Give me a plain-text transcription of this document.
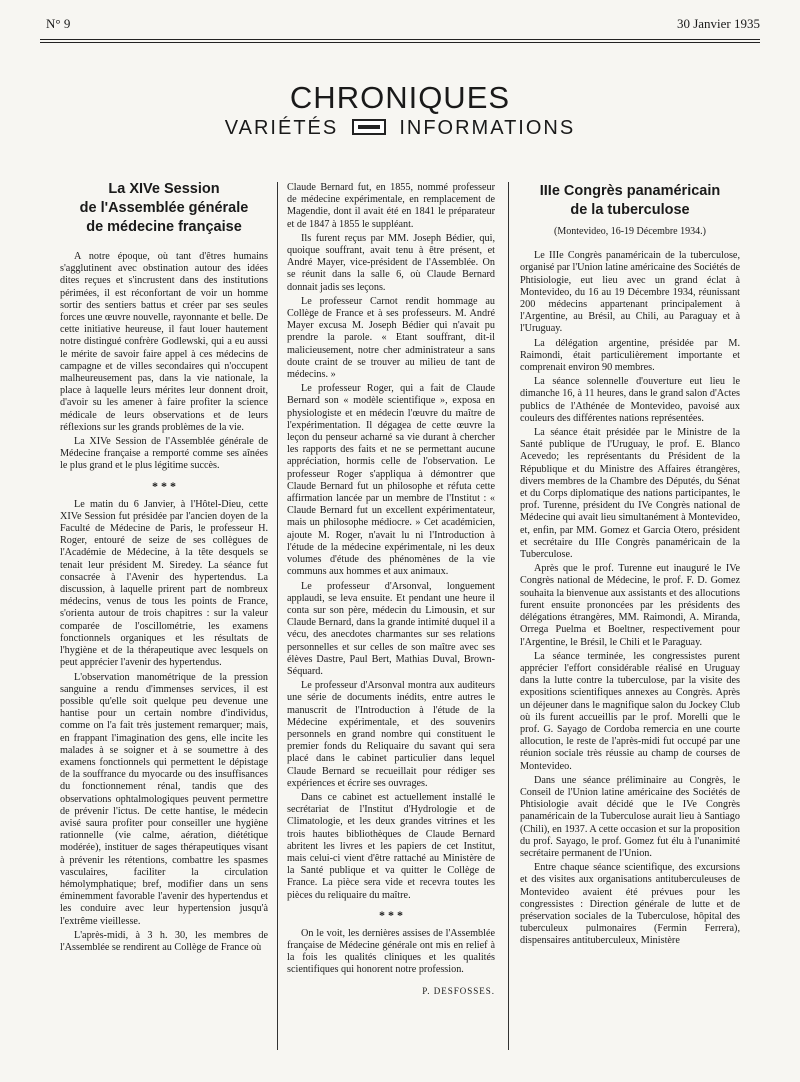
N° 9	30 Janvier 1935
CHRONIQUES
VARIÉTÉS	INFORMATIONS
La XIVe Session
de l'Assemblée générale
de médecine française

A notre époque, où tant d'êtres humains s'agglutinent avec obstination autour des idées dites reçues et s'incrustent dans des institutions périmées, il est réconfortant de voir un homme sortir des sentiers battus et créer par ses seules forces une œuvre nouvelle, rayonnante et belle. De cette initiative heureuse, il faut louer hautement notre distingué confrère Godlewski, qui a eu aussi le mérite de savoir faire appel à ces médecins de campagne et de villes secondaires qui n'occupent malheureusement pas, dans la vie nationale, la place à laquelle leurs mérites leur donnent droit, d'avoir su les amener à faire profiter la science médicale de leurs observations et de leurs réflexions sur les grands problèmes de la vie.

La XIVe Session de l'Assemblée générale de Médecine française a remporté comme ses aînées le plus grand et le plus légitime succès.

* * *

Le matin du 6 Janvier, à l'Hôtel-Dieu, cette XIVe Session fut présidée par l'ancien doyen de la Faculté de Médecine de Paris, le professeur H. Roger, entouré de seize de ses collègues de l'Académie de Médecine, à la tête desquels se tenait leur président M. Siredey. La séance fut consacrée à l'Avenir des hypertendus. La discussion, à laquelle prirent part de nombreux médecins, venus de tous les points de France, s'orienta autour de trois chapitres : sur la valeur comparée de l'oscillométrie, les examens fonctionnels organiques et les résultats de l'hygiène et de la thérapeutique avec lesquels on peut apprécier l'avenir des hypertendus.

L'observation manométrique de la pression sanguine a rendu d'immenses services, il est possible qu'elle soit quelque peu devenue une hantise pour un certain nombre d'individus, comme on l'a fait très justement remarquer; mais, en frappant l'imagination des gens, elle incite les malades à se soigner et à se soumettre à des examens fonctionnels qui permettent le dépistage de la souffrance du myocarde ou des insuffisances du fonctionnement rénal, tandis que des observations ophtalmologiques peuvent permettre de prévenir l'ictus. De cette hantise, le médecin avisé saura profiter pour conseiller une hygiène rationnelle (vie calme, aération, diététique modérée), instituer de sages thérapeutiques visant à prévenir les rétentions, combattre les spasmes vasculaires, faciliter la circulation hémolymphatique; bref, modifier dans un sens éminemment favorable l'avenir des hypertendus et les conduire avec leur hypertension jusqu'à l'extrême vieillesse.

L'après-midi, à 3 h. 30, les membres de l'Assemblée se rendirent au Collège de France où

Claude Bernard fut, en 1855, nommé professeur de médecine expérimentale, en remplacement de Magendie, dont il avait été en 1841 le préparateur et de 1847 à 1855 le suppléant.

Ils furent reçus par MM. Joseph Bédier, qui, quoique souffrant, avait tenu à être présent, et André Mayer, vice-président de l'Assemblée. On se réunit dans la salle 6, où Claude Bernard donnait jadis ses leçons.

Le professeur Carnot rendit hommage au Collège de France et à ses professeurs. M. André Mayer excusa M. Joseph Bédier qui n'avait pu prendre la parole. « Etant souffrant, dit-il malicieusement, notre cher administrateur a sans doute craint de se trouver au milieu de tant de médecins. »

Le professeur Roger, qui a fait de Claude Bernard son « modèle scientifique », exposa en physiologiste et en médecin l'œuvre du maître de l'expérimentation. Il dégagea de cette œuvre la leçon du penseur acharné sa vie durant à chercher les rapports des faits et ne se permettant aucune appréciation, hormis celle de l'observation. Le professeur Roger s'appliqua à démontrer que Claude Bernard fut un philosophe et réfuta cette affirmation lancée par un membre de l'Institut : « Claude Bernard fut un excellent expérimentateur, mais un philosophe médiocre. » Cet académicien, ajoute M. Roger, n'avait lu ni l'Introduction à l'étude de la médecine expérimentale, ni les deux volumes d'étude des phénomènes de la vie communs aux hommes et aux animaux.

Le professeur d'Arsonval, longuement applaudi, se leva ensuite. Et pendant une heure il conta sur son père, médecin du Limousin, et sur Claude Bernard, dans la grande intimité duquel il a vécu, des anecdotes charmantes sur ses relations personnelles et sur celles de son maître avec ses élèves Dastre, Paul Bert, Mathias Duval, Brown-Séquard.

Le professeur d'Arsonval montra aux auditeurs une série de documents inédits, entre autres le manuscrit de l'Introduction à l'étude de la Médecine expérimentale, et des souvenirs personnels en grand nombre qui constituent le premier fonds du Reliquaire du savant qui sera placé dans le cabinet particulier dans lequel Claude Bernard se recueillait pour rédiger ses expériences et écrire ses ouvrages.

Dans ce cabinet est actuellement installé le secrétariat de l'Institut d'Hydrologie et de Climatologie, et les deux grandes vitrines et les trois hautes bibliothèques de Claude Bernard abritent les livres et les papiers de cet Institut, mais celui-ci vient d'être rattaché au Ministère de la Santé publique et va quitter le Collège de France. La pièce sera vide et recevra toutes les pièces du reliquaire du maître.

* * *

On le voit, les dernières assises de l'Assemblée française de Médecine générale ont mis en relief à la fois les qualités cliniques et les qualités scientifiques qui honorent notre profession.

P. DESFOSSES.
IIIe Congrès panaméricain
de la tuberculose
(Montevideo, 16-19 Décembre 1934.)

Le IIIe Congrès panaméricain de la tuberculose, organisé par l'Union latine américaine des Sociétés de Phtisiologie, eut lieu avec un grand éclat à Montevideo, du 16 au 19 Décembre 1934, réunissant 200 médecins appartenant principalement à l'Argentine, au Brésil, au Chili, au Paraguay et à l'Uruguay.

La délégation argentine, présidée par M. Raimondi, était particulièrement importante et comprenait environ 90 membres.

La séance solennelle d'ouverture eut lieu le dimanche 16, à 11 heures, dans le grand salon d'Actes publics de l'Athénée de Montevideo, pavoisé aux couleurs des différentes nations représentées.

La séance était présidée par le Ministre de la Santé publique de l'Uruguay, le prof. E. Blanco Acevedo; les représentants du Président de la République et du Ministre des Affaires étrangères, divers membres de la Chambre des Députés, du Sénat et du Corps diplomatique des nations participantes, le prof. Turenne, président du IVe Congrès national de Médecine qui avait lieu simultanément à Montevideo, et, enfin, par MM. Gomez et Garcia Otero, président et secrétaire du IIIe Congrès panaméricain de la Tuberculose.

Après que le prof. Turenne eut inauguré le IVe Congrès national de Médecine, le prof. F. D. Gomez souhaita la bienvenue aux assistants et des allocutions furent ensuite prononcées par les présidents des délégations étrangères, MM. Raimondi, A. Miranda, Orrega Puelma et Boeltner, respectivement pour l'Argentine, le Brésil, le Chili et le Paraguay.

La séance terminée, les congressistes purent apprécier l'effort considérable réalisé en Uruguay dans la lutte contre la tuberculose, par la visite des expositions scientifiques annexes au Congrès. Après un déjeuner dans le magnifique salon du Jockey Club où ils furent accueillis par le prof. Morelli que le prof. G. Sayago de Cordoba remercia en une courte allocution, le reste de l'après-midi fut occupé par une réunion sociale très réussie au champ de courses de Montevideo.

Dans une séance préliminaire au Congrès, le Conseil de l'Union latine américaine des Sociétés de Phtisiologie avait décidé que le IVe Congrès panaméricain de la Tuberculose aurait lieu à Santiago (Chili), en 1937. A cette occasion et sur la proposition du prof. Sayago, le prof. Gomez fut élu à l'unanimité secrétaire permanent de l'Union.

Entre chaque séance scientifique, des excursions et des visites aux organisations antituberculeuses de Montevideo avaient été prévues pour les congressistes : Direction générale de lutte et de préservation sociales de la Tuberculose, hôpital des tuberculeux pulmonaires (Fermin Ferrera), dispensaires antituberculeux, Ministère
